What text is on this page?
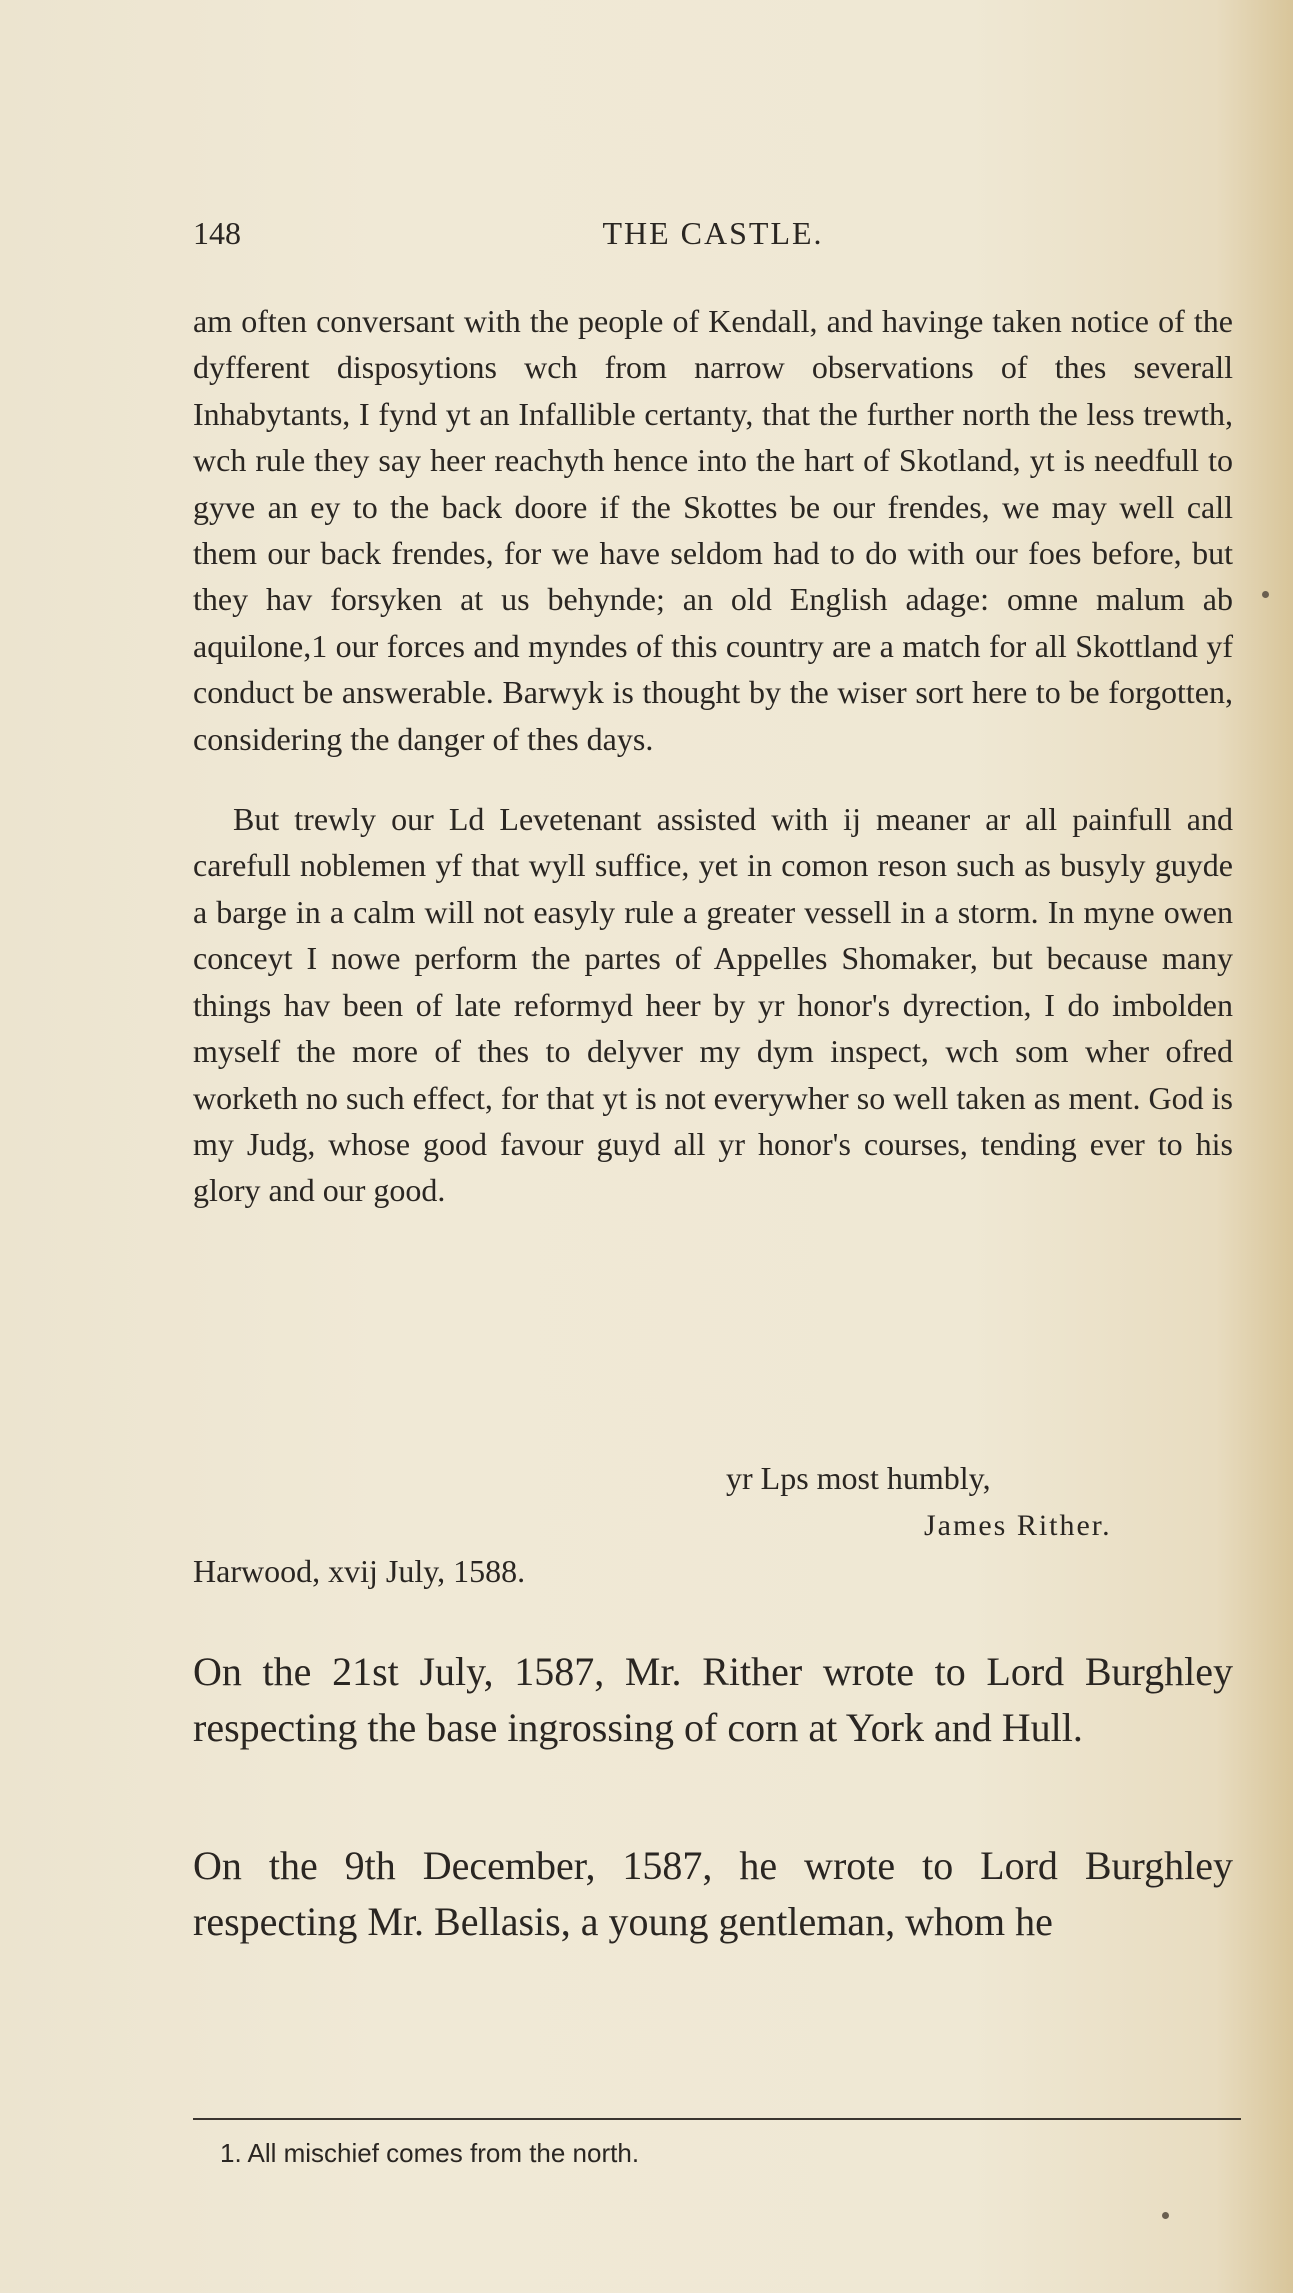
148	THE CASTLE.

am often conversant with the people of Kendall, and havinge taken notice of the dyfferent disposytions wch from narrow observations of thes severall Inhabytants, I fynd yt an Infallible certanty, that the further north the less trewth, wch rule they say heer reachyth hence into the hart of Skotland, yt is needfull to gyve an ey to the back doore if the Skottes be our frendes, we may well call them our back frendes, for we have seldom had to do with our foes before, but they hav forsyken at us behynde; an old English adage: omne malum ab aquilone,1 our forces and myndes of this country are a match for all Skottland yf conduct be answerable. Barwyk is thought by the wiser sort here to be forgotten, considering the danger of thes days.

But trewly our Ld Levetenant assisted with ij meaner ar all painfull and carefull noblemen yf that wyll suffice, yet in comon reson such as busyly guyde a barge in a calm will not easyly rule a greater vessell in a storm. In myne owen conceyt I nowe perform the partes of Appelles Shomaker, but because many things hav been of late reformyd heer by yr honor's dyrection, I do imbolden myself the more of thes to delyver my dym inspect, wch som wher ofred worketh no such effect, for that yt is not everywher so well taken as ment. God is my Judg, whose good favour guyd all yr honor's courses, tending ever to his glory and our good.

yr Lps most humbly,
James Rither.
Harwood, xvij July, 1588.

On the 21st July, 1587, Mr. Rither wrote to Lord Burghley respecting the base ingrossing of corn at York and Hull.

On the 9th December, 1587, he wrote to Lord Burghley respecting Mr. Bellasis, a young gentleman, whom he

1. All mischief comes from the north.
